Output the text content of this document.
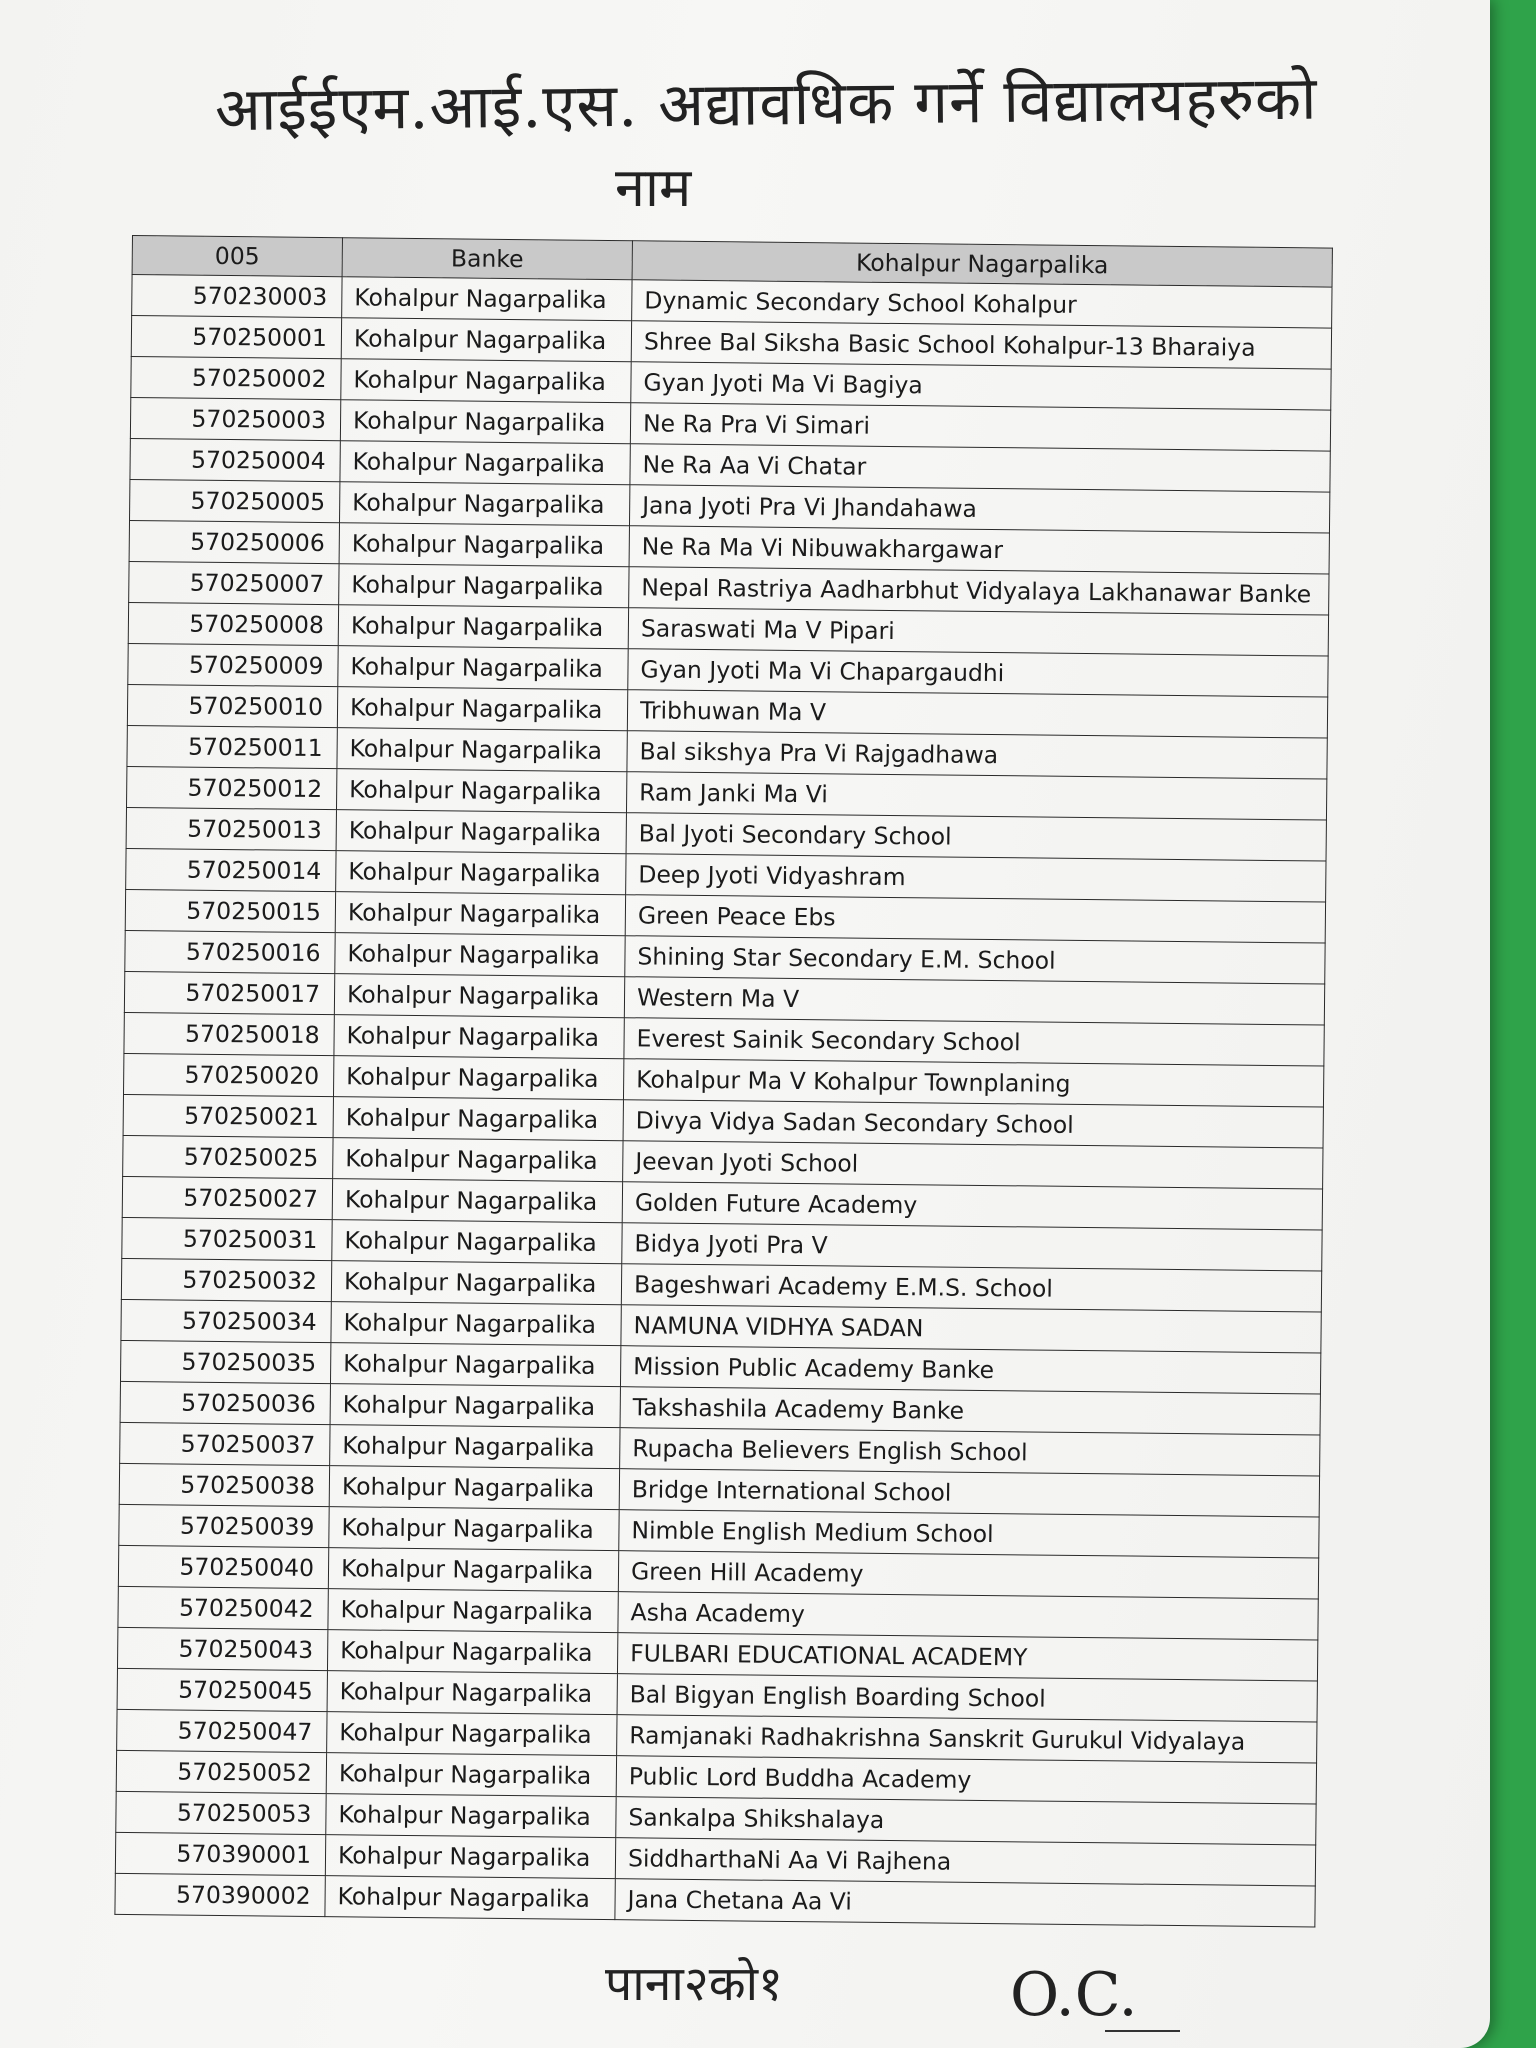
आईईएम.आई.एस. अद्यावधिक गर्ने विद्यालयहरुको
नाम
005	Banke	Kohalpur Nagarpalika
570230003	Kohalpur Nagarpalika	Dynamic Secondary School Kohalpur
570250001	Kohalpur Nagarpalika	Shree Bal Siksha Basic School Kohalpur-13 Bharaiya
570250002	Kohalpur Nagarpalika	Gyan Jyoti Ma Vi Bagiya
570250003	Kohalpur Nagarpalika	Ne Ra Pra Vi Simari
570250004	Kohalpur Nagarpalika	Ne Ra Aa Vi Chatar
570250005	Kohalpur Nagarpalika	Jana Jyoti Pra Vi Jhandahawa
570250006	Kohalpur Nagarpalika	Ne Ra Ma Vi Nibuwakhargawar
570250007	Kohalpur Nagarpalika	Nepal Rastriya Aadharbhut Vidyalaya Lakhanawar Banke
570250008	Kohalpur Nagarpalika	Saraswati Ma V Pipari
570250009	Kohalpur Nagarpalika	Gyan Jyoti Ma Vi Chapargaudhi
570250010	Kohalpur Nagarpalika	Tribhuwan Ma V
570250011	Kohalpur Nagarpalika	Bal sikshya Pra Vi Rajgadhawa
570250012	Kohalpur Nagarpalika	Ram Janki Ma Vi
570250013	Kohalpur Nagarpalika	Bal Jyoti Secondary School
570250014	Kohalpur Nagarpalika	Deep Jyoti Vidyashram
570250015	Kohalpur Nagarpalika	Green Peace Ebs
570250016	Kohalpur Nagarpalika	Shining Star Secondary E.M. School
570250017	Kohalpur Nagarpalika	Western Ma V
570250018	Kohalpur Nagarpalika	Everest Sainik Secondary School
570250020	Kohalpur Nagarpalika	Kohalpur Ma V Kohalpur Townplaning
570250021	Kohalpur Nagarpalika	Divya Vidya Sadan Secondary School
570250025	Kohalpur Nagarpalika	Jeevan Jyoti School
570250027	Kohalpur Nagarpalika	Golden Future Academy
570250031	Kohalpur Nagarpalika	Bidya Jyoti Pra V
570250032	Kohalpur Nagarpalika	Bageshwari Academy E.M.S. School
570250034	Kohalpur Nagarpalika	NAMUNA VIDHYA SADAN
570250035	Kohalpur Nagarpalika	Mission Public Academy Banke
570250036	Kohalpur Nagarpalika	Takshashila Academy Banke
570250037	Kohalpur Nagarpalika	Rupacha Believers English School
570250038	Kohalpur Nagarpalika	Bridge International School
570250039	Kohalpur Nagarpalika	Nimble English Medium School
570250040	Kohalpur Nagarpalika	Green Hill Academy
570250042	Kohalpur Nagarpalika	Asha Academy
570250043	Kohalpur Nagarpalika	FULBARI EDUCATIONAL ACADEMY
570250045	Kohalpur Nagarpalika	Bal Bigyan English Boarding School
570250047	Kohalpur Nagarpalika	Ramjanaki Radhakrishna Sanskrit Gurukul Vidyalaya
570250052	Kohalpur Nagarpalika	Public Lord Buddha Academy
570250053	Kohalpur Nagarpalika	Sankalpa Shikshalaya
570390001	Kohalpur Nagarpalika	SiddharthaNi Aa Vi Rajhena
570390002	Kohalpur Nagarpalika	Jana Chetana Aa Vi
पाना२को१	O.C.
